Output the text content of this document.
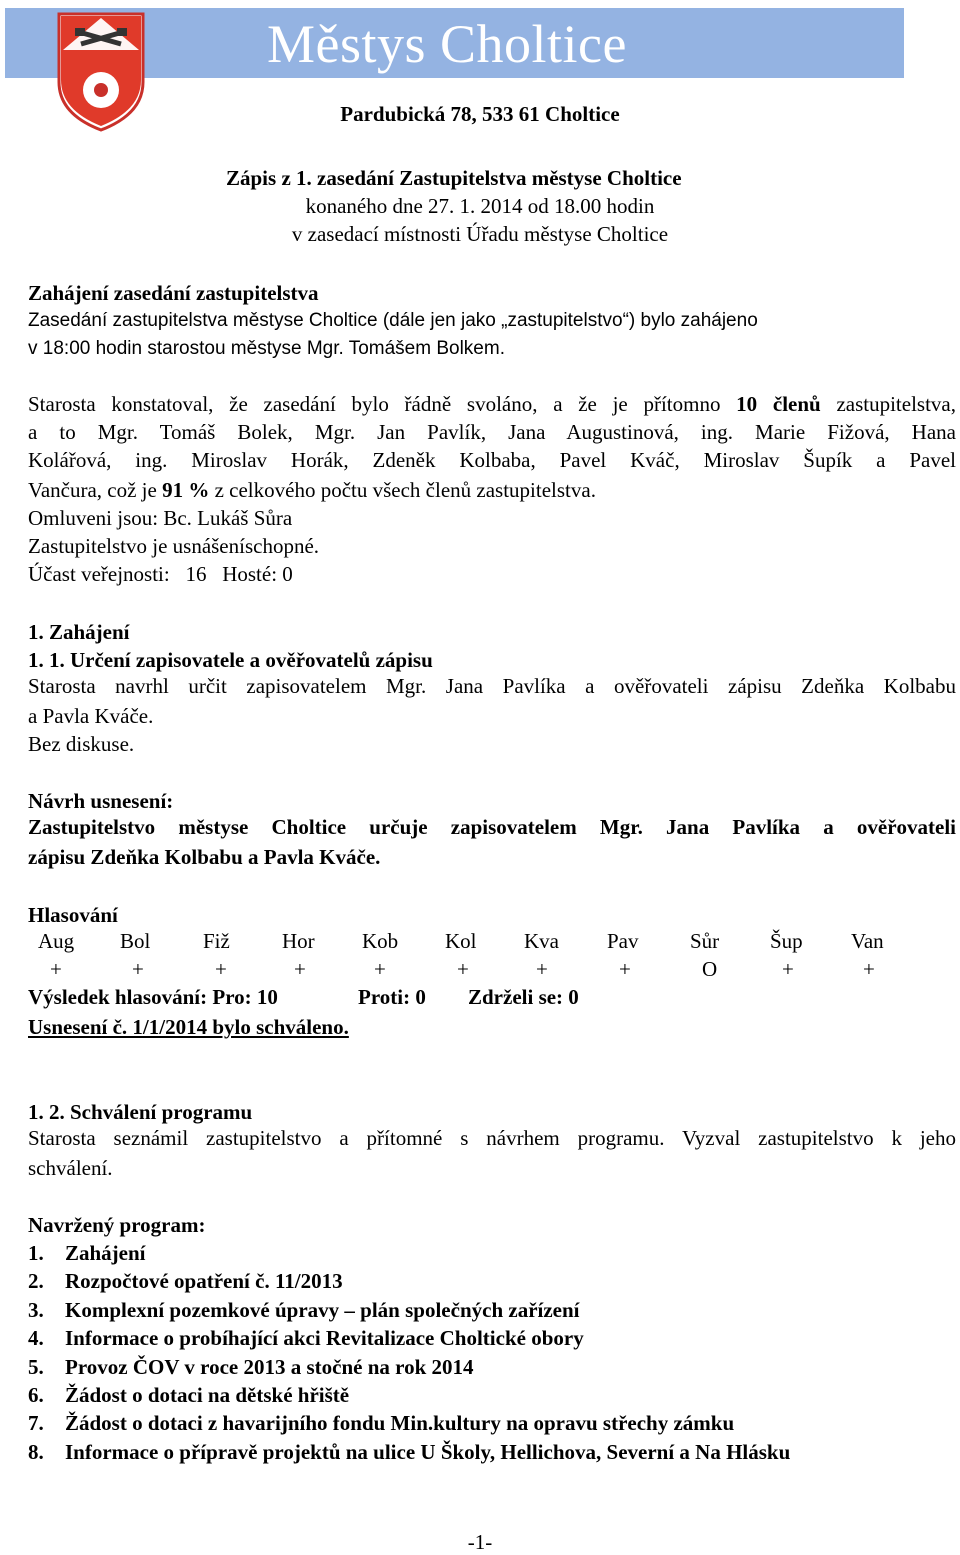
Městys Choltice
Pardubická 78, 533 61 Choltice
Zápis z 1. zasedání Zastupitelstva městyse Choltice
konaného dne 27. 1. 2014 od 18.00 hodin
v zasedací místnosti Úřadu městyse Choltice
Zahájení zasedání zastupitelstva
Zasedání zastupitelstva městyse Choltice (dále jen jako „zastupitelstvo“) bylo zahájeno
v 18:00 hodin starostou městyse Mgr. Tomášem Bolkem.
Starosta konstatoval, že zasedání bylo řádně svoláno, a že je přítomno 10 členů zastupitelstva,
a to Mgr. Tomáš Bolek, Mgr. Jan Pavlík, Jana Augustinová, ing. Marie Fižová, Hana
Kolářová, ing. Miroslav Horák, Zdeněk Kolbaba, Pavel Kváč, Miroslav Šupík a Pavel
Vančura, což je 91 % z celkového počtu všech členů zastupitelstva.
Omluveni jsou: Bc. Lukáš Sůra
Zastupitelstvo je usnášeníschopné.
Účast veřejnosti:   16   Hosté: 0
1. Zahájení
1. 1. Určení zapisovatele a ověřovatelů zápisu
Starosta navrhl určit zapisovatelem Mgr. Jana Pavlíka a ověřovateli zápisu Zdeňka Kolbabu
a Pavla Kváče.
Bez diskuse.
Návrh usnesení:
Zastupitelstvo městyse Choltice určuje zapisovatelem Mgr. Jana Pavlíka a ověřovateli
zápisu Zdeňka Kolbabu a Pavla Kváče.
Hlasování
Aug Bol	Fiž Hor Kob Kol Kva Pav Sůr Šup Van
+	+	+	+	+	+	+	+	O	+	+
Výsledek hlasování: Pro: 10	Proti: 0 Zdrželi se: 0
Usnesení č. 1/1/2014 bylo schváleno.
1. 2. Schválení programu
Starosta seznámil zastupitelstvo a přítomné s návrhem programu. Vyzval zastupitelstvo k jeho
schválení.
Navržený program:
1. Zahájení
2. Rozpočtové opatření č. 11/2013
3. Komplexní pozemkové úpravy – plán společných zařízení
4. Informace o probíhající akci Revitalizace Choltické obory
5. Provoz ČOV v roce 2013 a stočné na rok 2014
6. Žádost o dotaci na dětské hřiště
7. Žádost o dotaci z havarijního fondu Min.kultury na opravu střechy zámku
8. Informace o přípravě projektů na ulice U Školy, Hellichova, Severní a Na Hlásku
-1-
